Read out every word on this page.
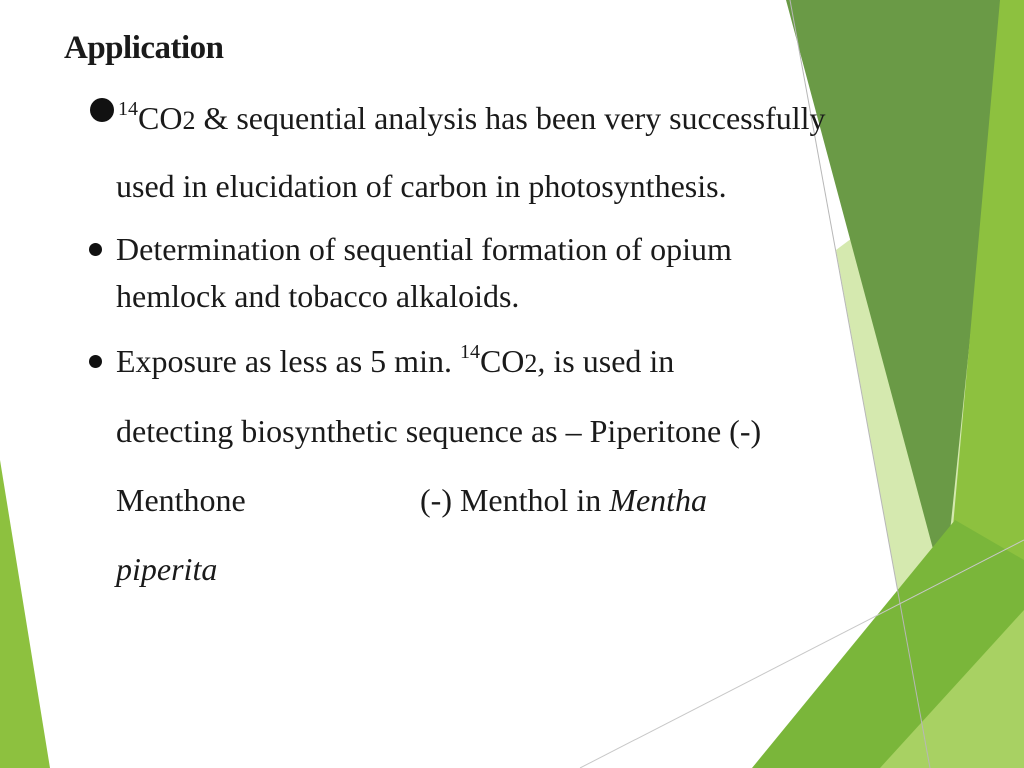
Application
$^{14}$CO2 & sequential analysis has been very successfully
used in elucidation of carbon in photosynthesis.
Determination of sequential formation of opium
hemlock and tobacco alkaloids.
Exposure as less as 5 min. $^{14}$CO2, is used in
detecting biosynthetic sequence as – Piperitone (-)
Menthone	(-) Menthol in Mentha
piperita
